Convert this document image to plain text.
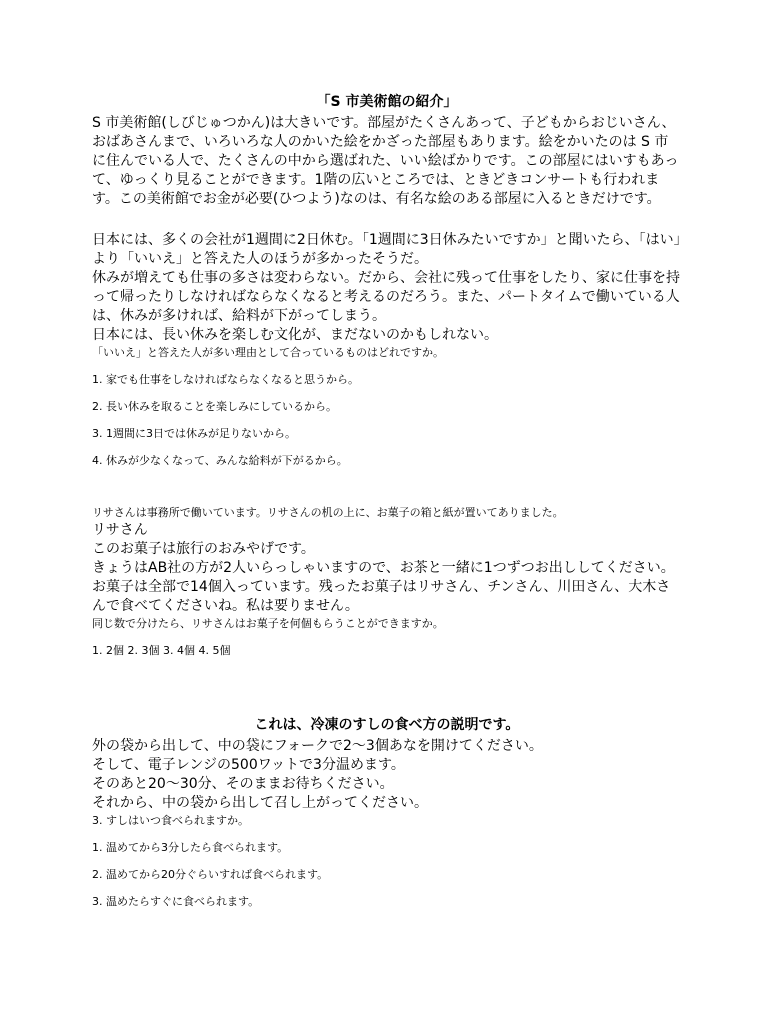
「S 市美術館の紹介」

S 市美術館(しびじゅつかん)は大きいです。部屋がたくさんあって、子どもからおじいさん、おばあさんまで、いろいろな人のかいた絵をかざった部屋もあります。絵をかいたのは S 市に住んでいる人で、たくさんの中から選ばれた、いい絵ばかりです。この部屋にはいすもあって、ゆっくり見ることができます。1階の広いところでは、ときどきコンサートも行われます。この美術館でお金が必要(ひつよう)なのは、有名な絵のある部屋に入るときだけです。

日本には、多くの会社が1週間に2日休む。「1週間に3日休みたいですか」と聞いたら、「はい」より「いいえ」と答えた人のほうが多かったそうだ。

休みが増えても仕事の多さは変わらない。だから、会社に残って仕事をしたり、家に仕事を持って帰ったりしなければならなくなると考えるのだろう。また、パートタイムで働いている人は、休みが多ければ、給料が下がってしまう。

日本には、長い休みを楽しむ文化が、まだないのかもしれない。

「いいえ」と答えた人が多い理由として合っているものはどれですか。

1. 家でも仕事をしなければならなくなると思うから。

2. 長い休みを取ることを楽しみにしているから。

3. 1週間に3日では休みが足りないから。

4. 休みが少なくなって、みんな給料が下がるから。

リサさんは事務所で働いています。リサさんの机の上に、お菓子の箱と紙が置いてありました。

リサさん

このお菓子は旅行のおみやげです。

きょうはAB社の方が2人いらっしゃいますので、お茶と一緒に1つずつお出ししてください。お菓子は全部で14個入っています。残ったお菓子はリサさん、チンさん、川田さん、大木さんで食べてくださいね。私は要りません。

同じ数で分けたら、リサさんはお菓子を何個もらうことができますか。

1. 2個 2. 3個 3. 4個 4. 5個

これは、冷凍のすしの食べ方の説明です。

外の袋から出して、中の袋にフォークで2～3個あなを開けてください。

そして、電子レンジの500ワットで3分温めます。

そのあと20～30分、そのままお待ちください。

それから、中の袋から出して召し上がってください。

3. すしはいつ食べられますか。

1. 温めてから3分したら食べられます。

2. 温めてから20分ぐらいすれば食べられます。

3. 温めたらすぐに食べられます。
